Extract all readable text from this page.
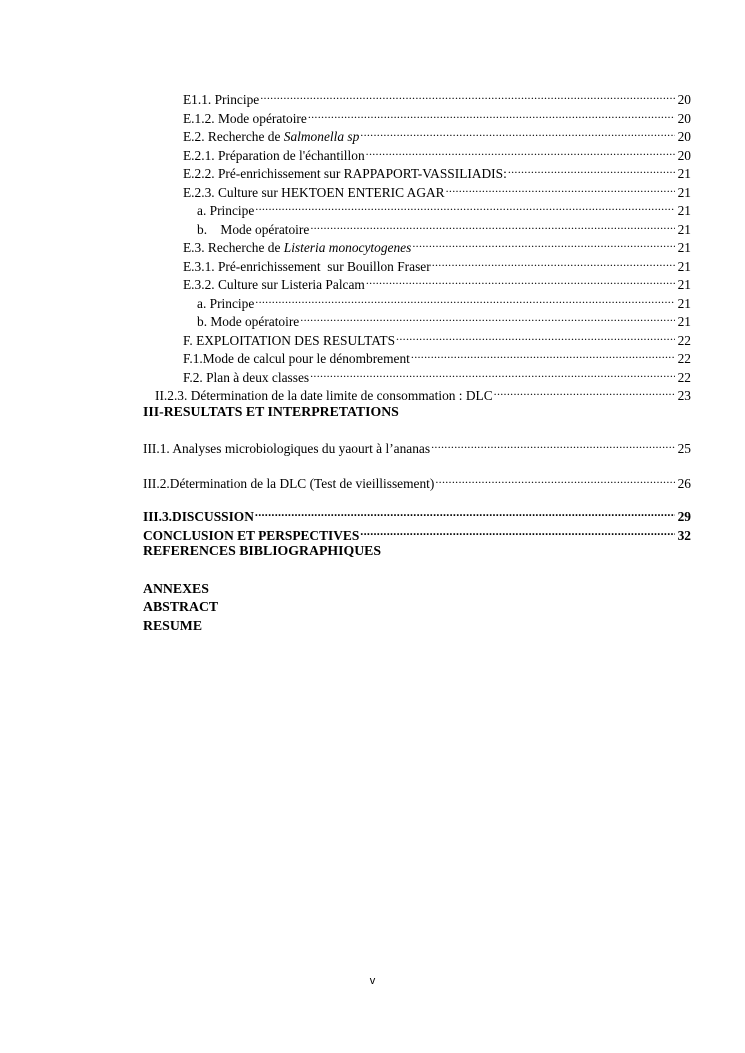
E1.1. Principe .....	20
E.1.2. Mode opératoire .....	20
E.2. Recherche de Salmonella sp .....	20
E.2.1. Préparation de l'échantillon .....	20
E.2.2. Pré-enrichissement sur RAPPAPORT-VASSILIADIS: .....	21
E.2.3. Culture sur HEKTOEN ENTERIC AGAR .....	21
a. Principe .....	21
b.    Mode opératoire .....	21
E.3. Recherche de Listeria monocytogenes .....	21
E.3.1. Pré-enrichissement  sur Bouillon Fraser .....	21
E.3.2. Culture sur Listeria Palcam .....	21
a. Principe .....	21
b. Mode opératoire .....	21
F. EXPLOITATION DES RESULTATS .....	22
F.1.Mode de calcul pour le dénombrement .....	22
F.2. Plan à deux classes .....	22
II.2.3. Détermination de la date limite de consommation : DLC .....	23
III-RESULTATS ET INTERPRETATIONS
III.1. Analyses microbiologiques du yaourt à l’ananas .....	25
III.2.Détermination de la DLC (Test de vieillissement) .....	26
III.3.DISCUSSION .....	29
CONCLUSION ET PERSPECTIVES .....	32
REFERENCES BIBLIOGRAPHIQUES
ANNEXES
ABSTRACT
RESUME
v
